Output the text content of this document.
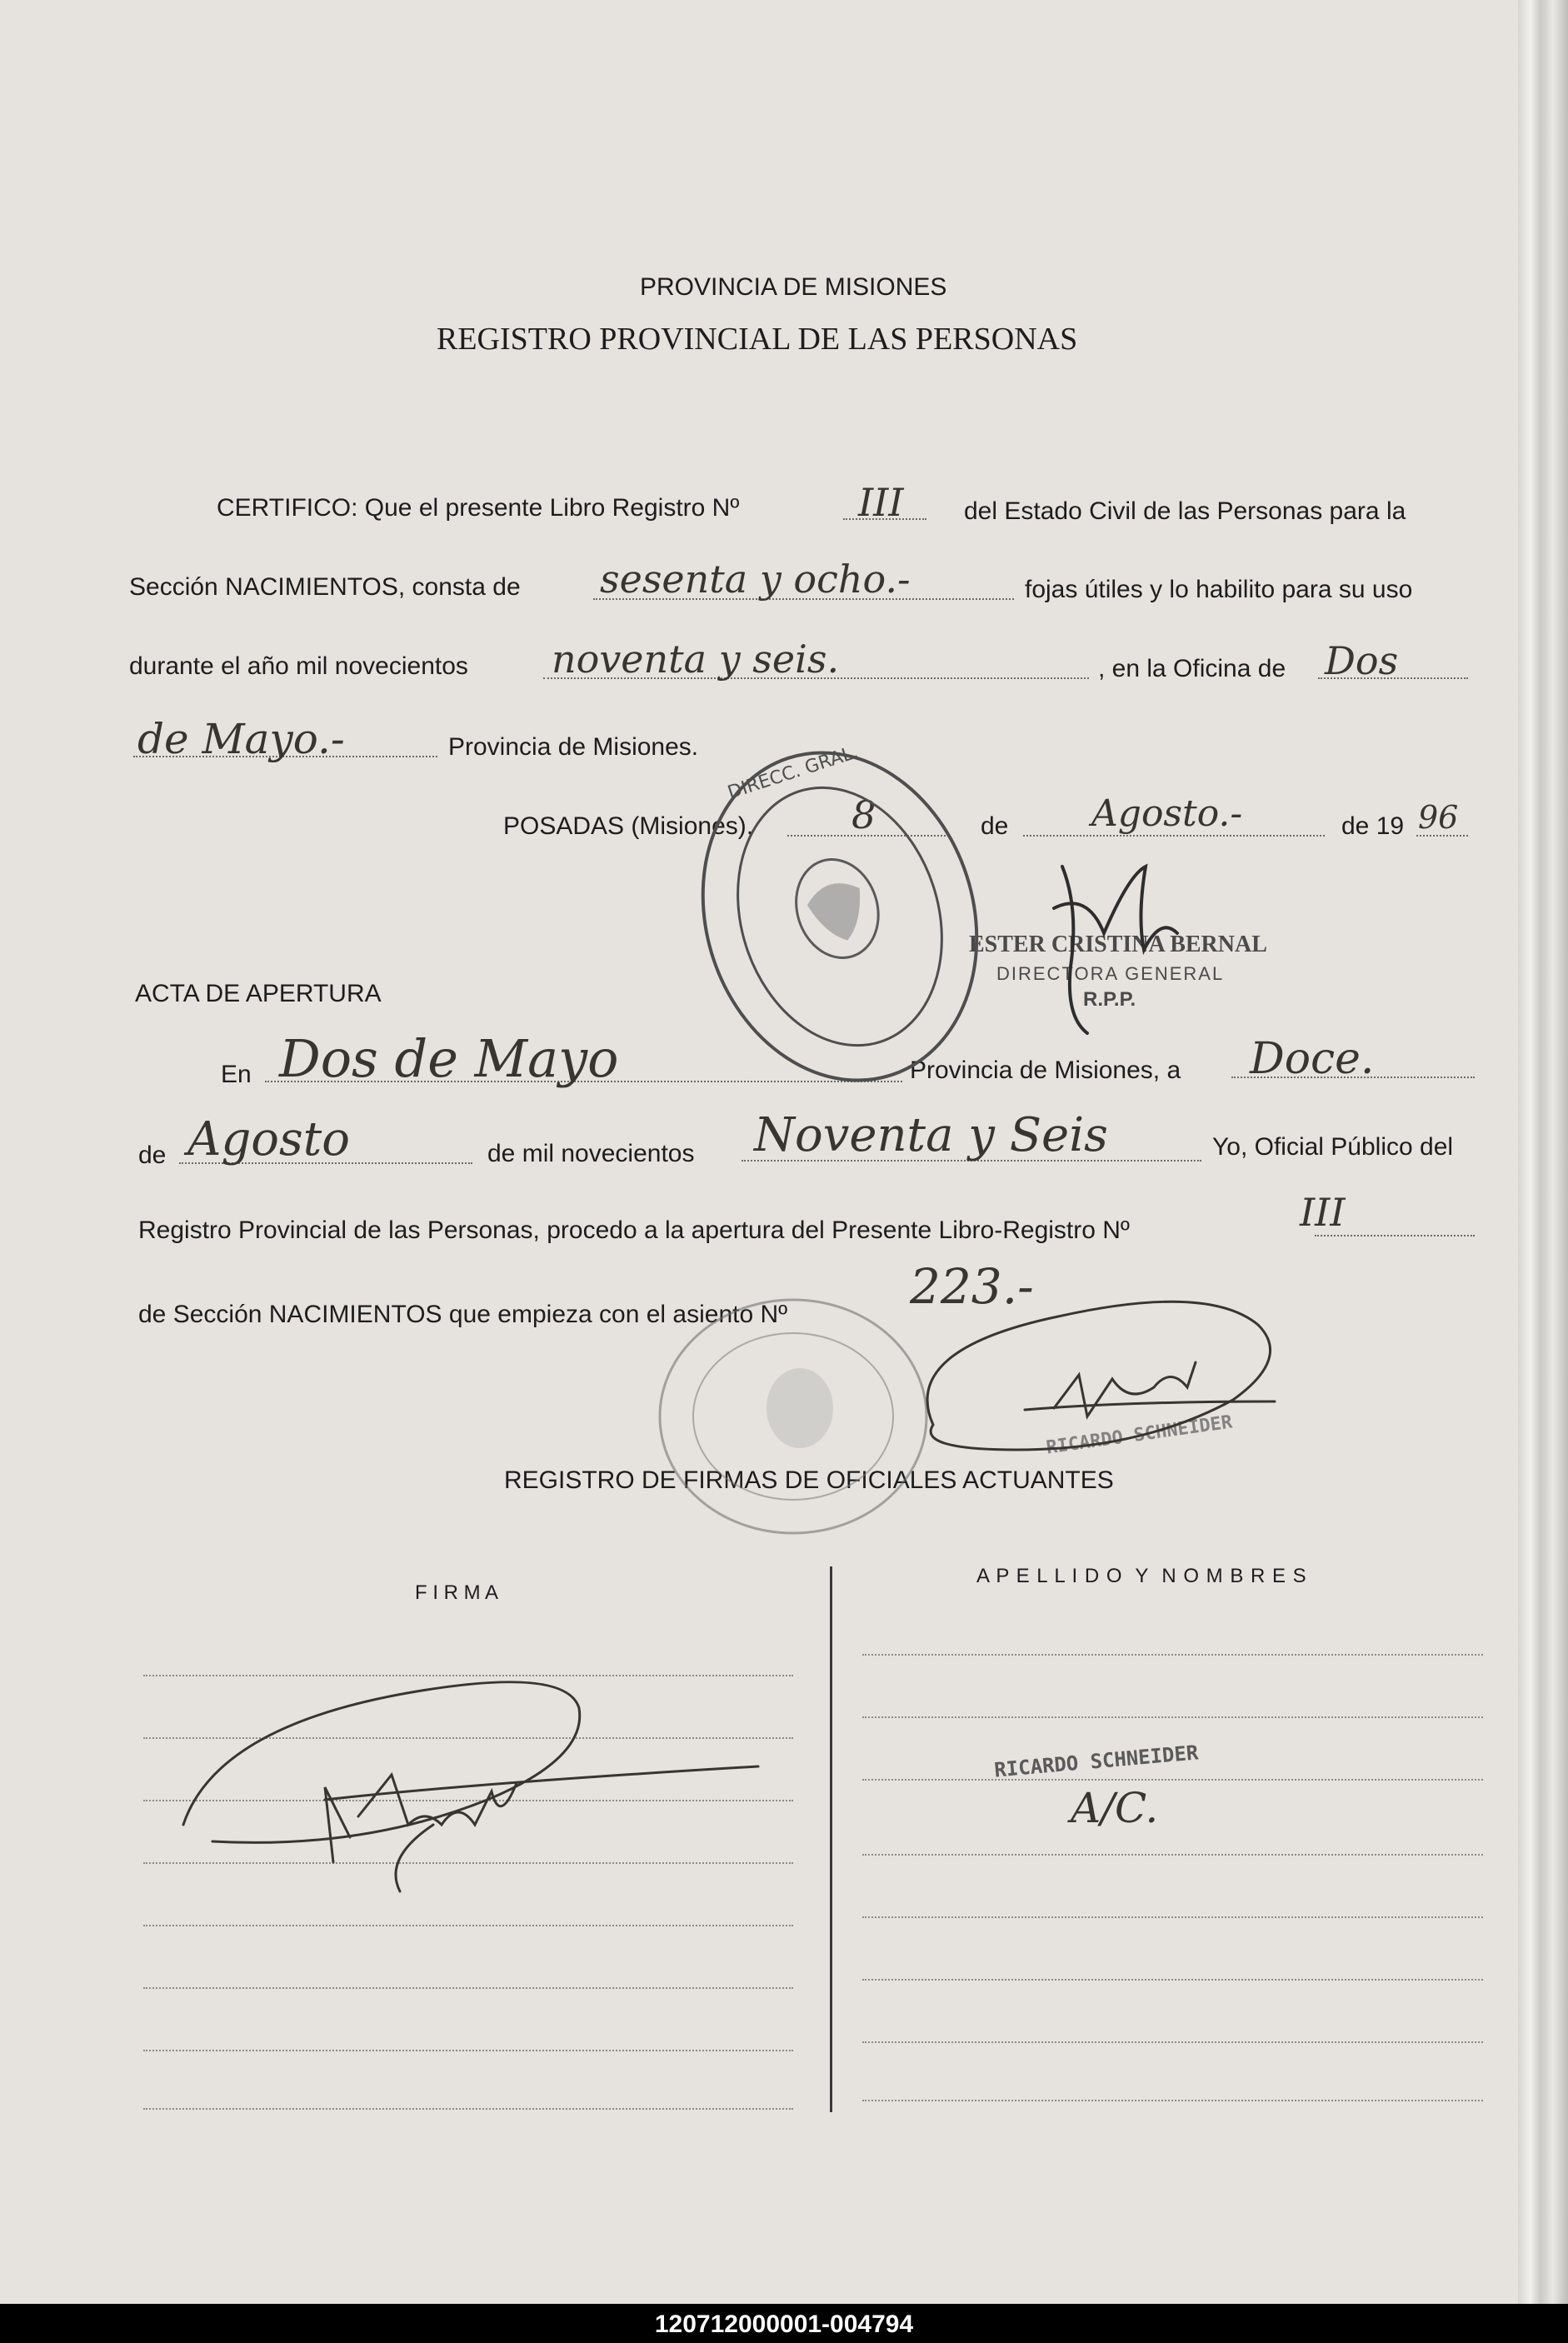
PROVINCIA DE MISIONES
REGISTRO PROVINCIAL DE LAS PERSONAS
CERTIFICO: Que el presente Libro Registro Nº	III del Estado Civil de las Personas para la
Sección NACIMIENTOS, consta de sesenta y ocho.-	fojas útiles y lo habilito para su uso
durante el año mil novecientos noventa y seis.	, en la Oficina de Dos
de Mayo.-	Provincia de Misiones.
POSADAS (Misiones),	8	de Agosto.-	de 19 96
ESTER CRISTINA BERNAL
DIRECTORA GENERAL
R.P.P.
ACTA DE APERTURA
En Dos de Mayo	Provincia de Misiones, a Doce.
de Agosto	de mil novecientos Noventa y Seis	Yo, Oficial Público del
Registro Provincial de las Personas, procedo a la apertura del Presente Libro-Registro Nº	III
de Sección NACIMIENTOS que empieza con el asiento Nº	223.-
RICARDO SCHNEIDER
REGISTRO DE FIRMAS DE OFICIALES ACTUANTES
F I R M A
A P E L L I D O  Y  N O M B R E S
RICARDO SCHNEIDER
A/C.
DIRECC. GRAL.
120712000001-004794
